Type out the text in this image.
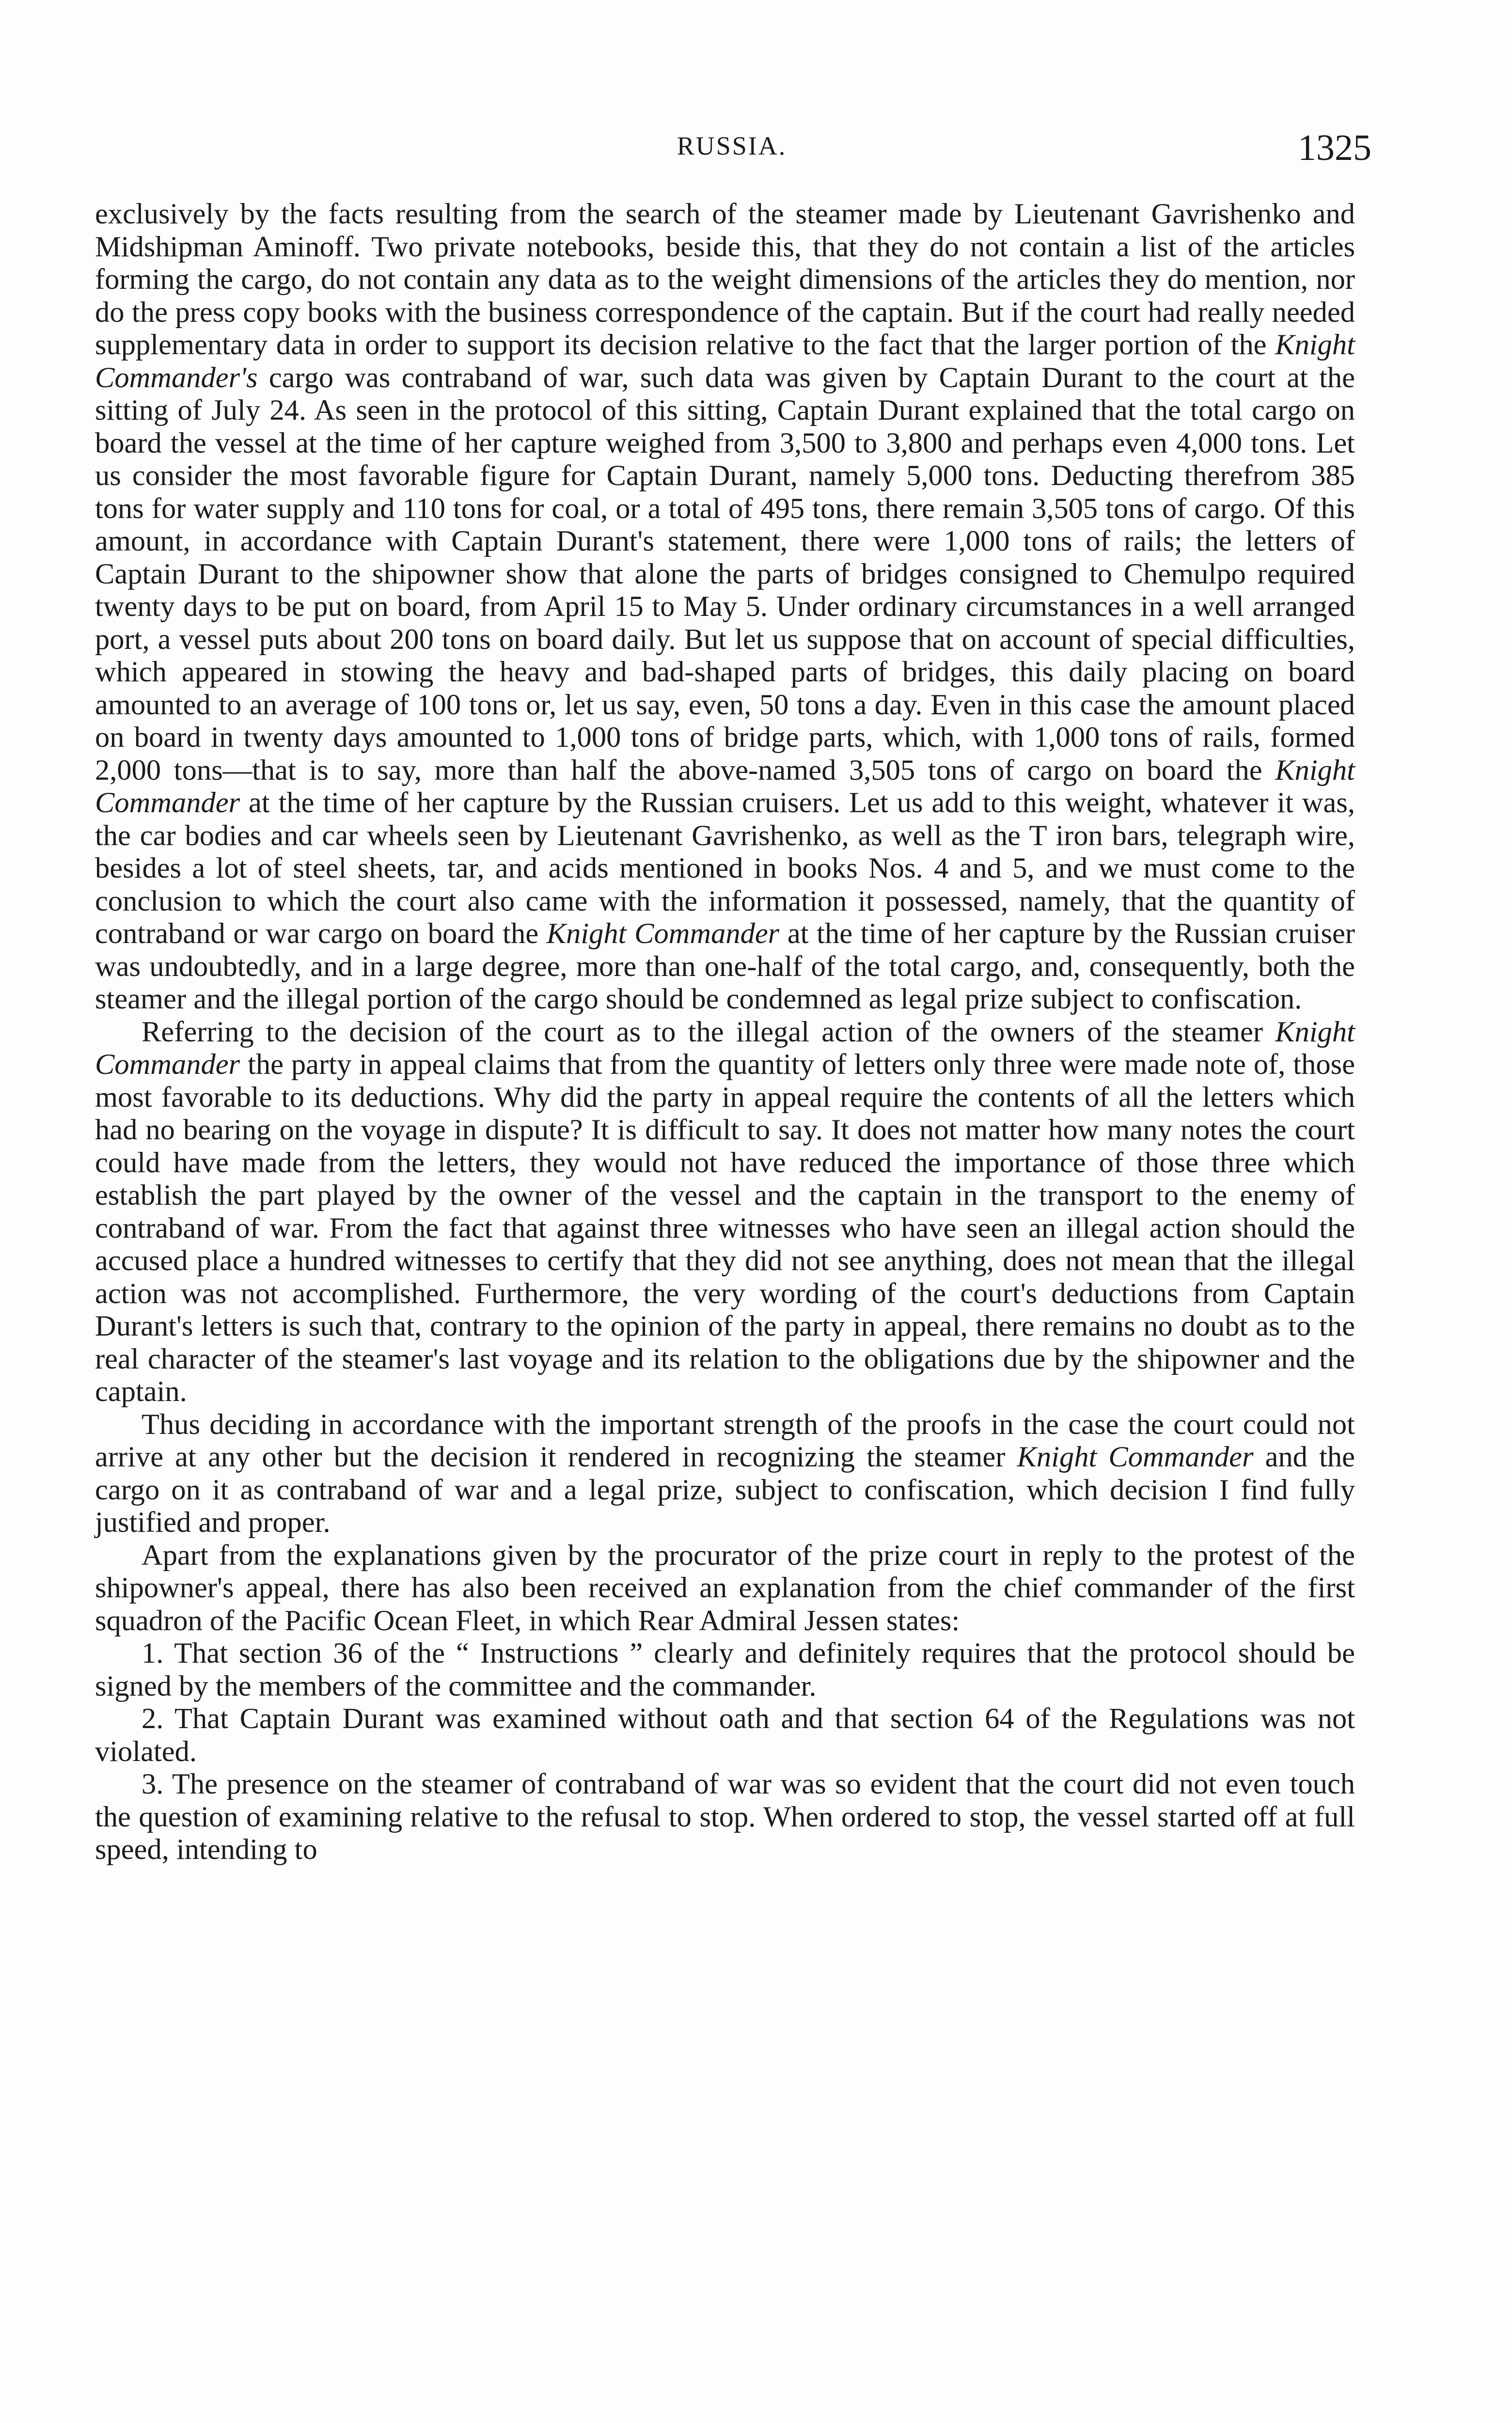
RUSSIA.	1325

exclusively by the facts resulting from the search of the steamer made by Lieutenant Gavrishenko and Midshipman Aminoff. Two private notebooks, beside this, that they do not contain a list of the articles forming the cargo, do not contain any data as to the weight dimensions of the articles they do mention, nor do the press copy books with the business correspondence of the captain. But if the court had really needed supplementary data in order to support its decision relative to the fact that the larger portion of the Knight Commander's cargo was contraband of war, such data was given by Captain Durant to the court at the sitting of July 24. As seen in the protocol of this sitting, Captain Durant explained that the total cargo on board the vessel at the time of her capture weighed from 3,500 to 3,800 and perhaps even 4,000 tons. Let us consider the most favorable figure for Captain Durant, namely 5,000 tons. Deducting therefrom 385 tons for water supply and 110 tons for coal, or a total of 495 tons, there remain 3,505 tons of cargo. Of this amount, in accordance with Captain Durant's statement, there were 1,000 tons of rails; the letters of Captain Durant to the shipowner show that alone the parts of bridges consigned to Chemulpo required twenty days to be put on board, from April 15 to May 5. Under ordinary circumstances in a well arranged port, a vessel puts about 200 tons on board daily. But let us suppose that on account of special difficulties, which appeared in stowing the heavy and bad-shaped parts of bridges, this daily placing on board amounted to an average of 100 tons or, let us say, even, 50 tons a day. Even in this case the amount placed on board in twenty days amounted to 1,000 tons of bridge parts, which, with 1,000 tons of rails, formed 2,000 tons—that is to say, more than half the above-named 3,505 tons of cargo on board the Knight Commander at the time of her capture by the Russian cruisers. Let us add to this weight, whatever it was, the car bodies and car wheels seen by Lieutenant Gavrishenko, as well as the T iron bars, telegraph wire, besides a lot of steel sheets, tar, and acids mentioned in books Nos. 4 and 5, and we must come to the conclusion to which the court also came with the information it possessed, namely, that the quantity of contraband or war cargo on board the Knight Commander at the time of her capture by the Russian cruiser was undoubtedly, and in a large degree, more than one-half of the total cargo, and, consequently, both the steamer and the illegal portion of the cargo should be condemned as legal prize subject to confiscation.

Referring to the decision of the court as to the illegal action of the owners of the steamer Knight Commander the party in appeal claims that from the quantity of letters only three were made note of, those most favorable to its deductions. Why did the party in appeal require the contents of all the letters which had no bearing on the voyage in dispute? It is difficult to say. It does not matter how many notes the court could have made from the letters, they would not have reduced the importance of those three which establish the part played by the owner of the vessel and the captain in the transport to the enemy of contraband of war. From the fact that against three witnesses who have seen an illegal action should the accused place a hundred witnesses to certify that they did not see anything, does not mean that the illegal action was not accomplished. Furthermore, the very wording of the court's deductions from Captain Durant's letters is such that, contrary to the opinion of the party in appeal, there remains no doubt as to the real character of the steamer's last voyage and its relation to the obligations due by the shipowner and the captain.

Thus deciding in accordance with the important strength of the proofs in the case the court could not arrive at any other but the decision it rendered in recognizing the steamer Knight Commander and the cargo on it as contraband of war and a legal prize, subject to confiscation, which decision I find fully justified and proper.

Apart from the explanations given by the procurator of the prize court in reply to the protest of the shipowner's appeal, there has also been received an explanation from the chief commander of the first squadron of the Pacific Ocean Fleet, in which Rear Admiral Jessen states:

1. That section 36 of the “ Instructions ” clearly and definitely requires that the protocol should be signed by the members of the committee and the commander.

2. That Captain Durant was examined without oath and that section 64 of the Regulations was not violated.

3. The presence on the steamer of contraband of war was so evident that the court did not even touch the question of examining relative to the refusal to stop. When ordered to stop, the vessel started off at full speed, intending to
